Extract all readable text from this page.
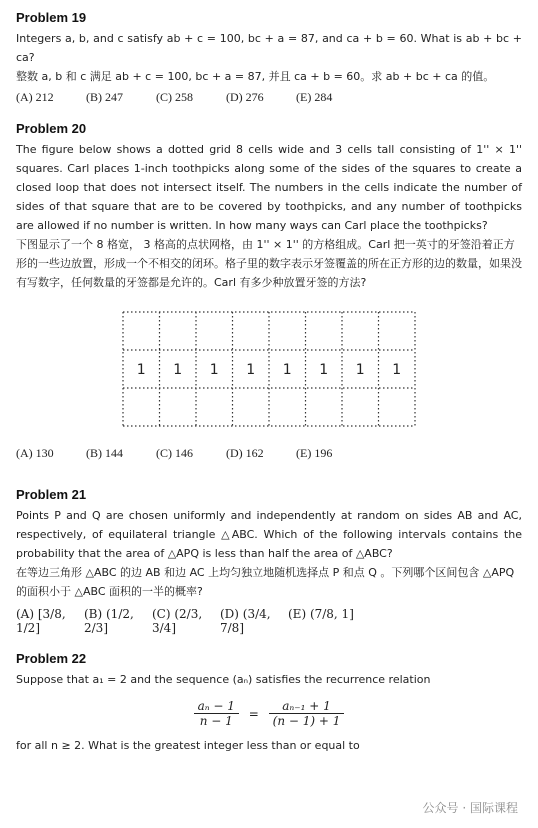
Problem 19

Integers a, b, and c satisfy ab + c = 100, bc + a = 87, and ca + b = 60. What is ab + bc + ca?

整数 a, b 和 c 满足 ab + c = 100, bc + a = 87, 并且 ca + b = 60。求 ab + bc + ca 的值。

(A) 212	(B) 247	(C) 258	(D) 276	(E) 284
Problem 20

The figure below shows a dotted grid 8 cells wide and 3 cells tall consisting of 1'' × 1'' squares. Carl places 1-inch toothpicks along some of the sides of the squares to create a closed loop that does not intersect itself. The numbers in the cells indicate the number of sides of that square that are to be covered by toothpicks, and any number of toothpicks are allowed if no number is written. In how many ways can Carl place the toothpicks?

下图显示了一个 8 格宽， 3 格高的点状网格，由 1'' × 1'' 的方格组成。Carl 把一英寸的牙签沿着正方形的一些边放置，形成一个不相交的闭环。格子里的数字表示牙签覆盖的所在正方形的边的数量，如果没有写数字，任何数量的牙签都是允许的。Carl 有多少种放置牙签的方法?

1 1 1 1 1 1 1 1
(A) 130	(B) 144	(C) 146	(D) 162	(E) 196
Problem 21

Points P and Q are chosen uniformly and independently at random on sides AB and AC, respectively, of equilateral triangle △ABC. Which of the following intervals contains the probability that the area of △APQ is less than half the area of △ABC?

在等边三角形 △ABC 的边 AB 和边 AC 上均匀独立地随机选择点 P 和点 Q 。下列哪个区间包含 △APQ 的面积小于 △ABC 面积的一半的概率?

(A) [3/8, 1/2]
(B) (1/2, 2/3]
(C) (2/3, 3/4]
(D) (3/4, 7/8]
(E) (7/8, 1]
Problem 22

Suppose that a₁ = 2 and the sequence (aₙ) satisfies the recurrence relation

$\frac{\text{aₙ − 1}}{n - 1} = \frac{\text{aₙ₋₁ + 1}}{(n - 1) + 1}$

for all n ≥ 2. What is the greatest integer less than or equal to

公众号 · 国际课程
